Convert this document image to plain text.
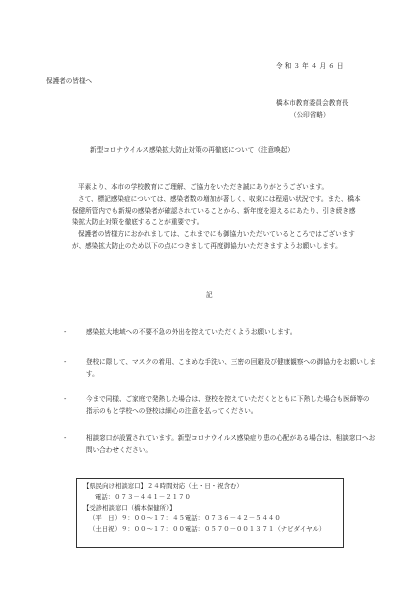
令 和 ３ 年 ４ 月 ６ 日
保護者の皆様へ
橋本市教育委員会教育長
（公印省略）
新型コロナウイルス感染拡大防止対策の再徹底について（注意喚起）
平素より、本市の学校教育にご理解、ご協力をいただき誠にありがとうございます。
さて、標記感染症については、感染者数の増加が著しく、収束には程遠い状況です。また、橋本保健所管内でも新規の感染者が確認されていることから、新年度を迎えるにあたり、引き続き感染拡大防止対策を徹底することが重要です。
保護者の皆様方におかれましては、これまでにも御協力いただいているところではございますが、感染拡大防止のため以下の点につきまして再度御協力いただきますようお願いします。
記
-	感染拡大地域への不要不急の外出を控えていただくようお願いします。
-	登校に際して、マスクの着用、こまめな手洗い、三密の回避及び健康観察への御協力をお願いします。
-	今まで同様、ご家庭で発熱した場合は、登校を控えていただくとともに下熱した場合も医師等の指示のもと学校への登校は細心の注意を払ってください。
-	相談窓口が設置されています。新型コロナウイルス感染症り患の心配がある場合は、相談窓口へお問い合わせください。
【県民向け相談窓口】２４時間対応（土・日・祝含む）
電話：０７３－４４１－２１７０
【受診相談窓口（橋本保健所）】
（平　日）９：００～１７：４５電話：０７３６－４２－５４４０
（土日祝）９：００～１７：００電話：０５７０－００１３７１（ナビダイヤル）
